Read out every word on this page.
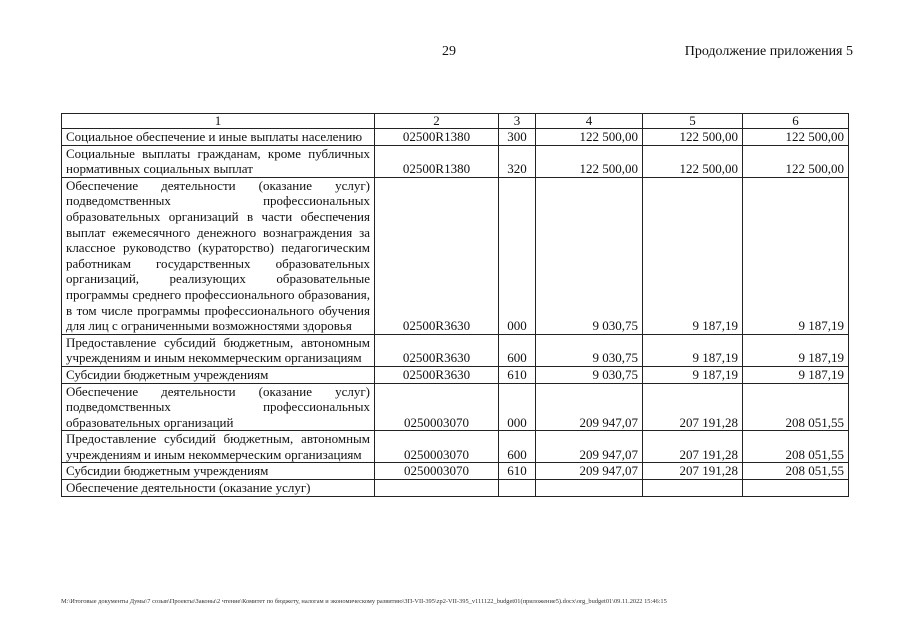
29	Продолжение приложения 5
1	2	3	4	5	6
Социальное обеспечение и иные выплаты населению	02500R1380	300	122 500,00	122 500,00	122 500,00
Социальные выплаты гражданам, кроме публичных нормативных социальных выплат	02500R1380	320	122 500,00	122 500,00	122 500,00
Обеспечение деятельности (оказание услуг) подведомственных профессиональных образовательных организаций в части обеспечения выплат ежемесячного денежного вознаграждения за классное руководство (кураторство) педагогическим работникам государственных образовательных организаций, реализующих образовательные программы среднего профессионального образования, в том числе программы профессионального обучения для лиц с ограниченными возможностями здоровья	02500R3630	000	9 030,75	9 187,19	9 187,19
Предоставление субсидий бюджетным, автономным учреждениям и иным некоммерческим организациям	02500R3630	600	9 030,75	9 187,19	9 187,19
Субсидии бюджетным учреждениям	02500R3630	610	9 030,75	9 187,19	9 187,19
Обеспечение деятельности (оказание услуг) подведомственных профессиональных образовательных организаций	0250003070	000	209 947,07	207 191,28	208 051,55
Предоставление субсидий бюджетным, автономным учреждениям и иным некоммерческим организациям	0250003070	600	209 947,07	207 191,28	208 051,55
Субсидии бюджетным учреждениям	0250003070	610	209 947,07	207 191,28	208 051,55
Обеспечение деятельности (оказание услуг)					
M:\Итоговые документы Думы\7 созыв\Проекты\Законы\2 чтение\Комитет по бюджету, налогам и экономическому развитию\ЗП-VII-395\zp2-VII-395_v111122_budget01(приложение5).docx\org_budget01\09.11.2022 15:46:15
